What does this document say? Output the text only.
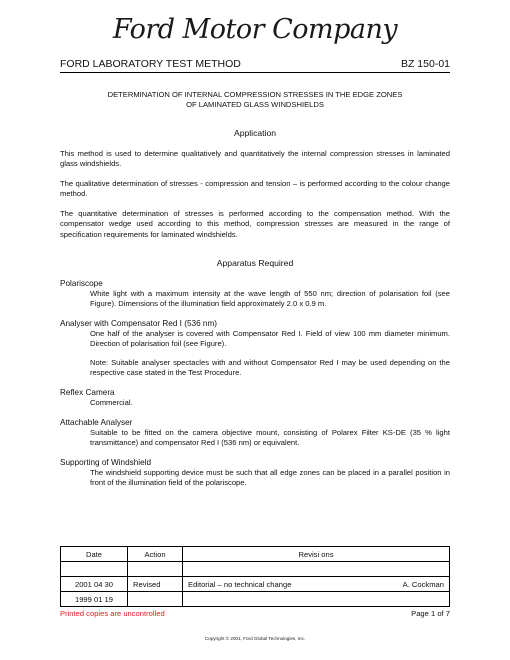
Ford Motor Company
FORD LABORATORY TEST METHOD	BZ 150-01
DETERMINATION OF INTERNAL COMPRESSION STRESSES IN THE EDGE ZONES
OF LAMINATED GLASS WINDSHIELDS
Application
This method is used to determine qualitatively and quantitatively the internal compression stresses in laminated glass windshields.
The qualitative determination of stresses - compression and tension – is performed according to the colour change method.
The quantitative determination of stresses is performed according to the compensation method. With the compensator wedge used according to this method, compression stresses are measured in the range of specification requirements for laminated windshields.
Apparatus Required
Polariscope
White light with a maximum intensity at the wave length of 550 nm; direction of polarisation foil (see Figure). Dimensions of the illumination field approximately 2.0 x 0.9 m.
Analyser with Compensator Red I (536 nm)
One half of the analyser is covered with Compensator Red I. Field of view 100 mm diameter minimum. Direction of polarisation foil (see Figure).
Note: Suitable analyser spectacles with and without Compensator Red I may be used depending on the respective case stated in the Test Procedure.
Reflex Camera
Commercial.
Attachable Analyser
Suitable to be fitted on the camera objective mount, consisting of Polarex Filter KS-DE (35 % light transmittance) and compensator Red I (536 nm) or equivalent.
Supporting of Windshield
The windshield supporting device must be such that all edge zones can be placed in a parallel position in front of the illumination field of the polariscope.
Date	Action	Revisi ons

2001 04 30	Revised	Editorial – no technical change A. Cockman

1999 01 19		
Printed copies are uncontrolled	Page 1 of 7
Copyright © 2001, Ford Global Technologies, Inc.
